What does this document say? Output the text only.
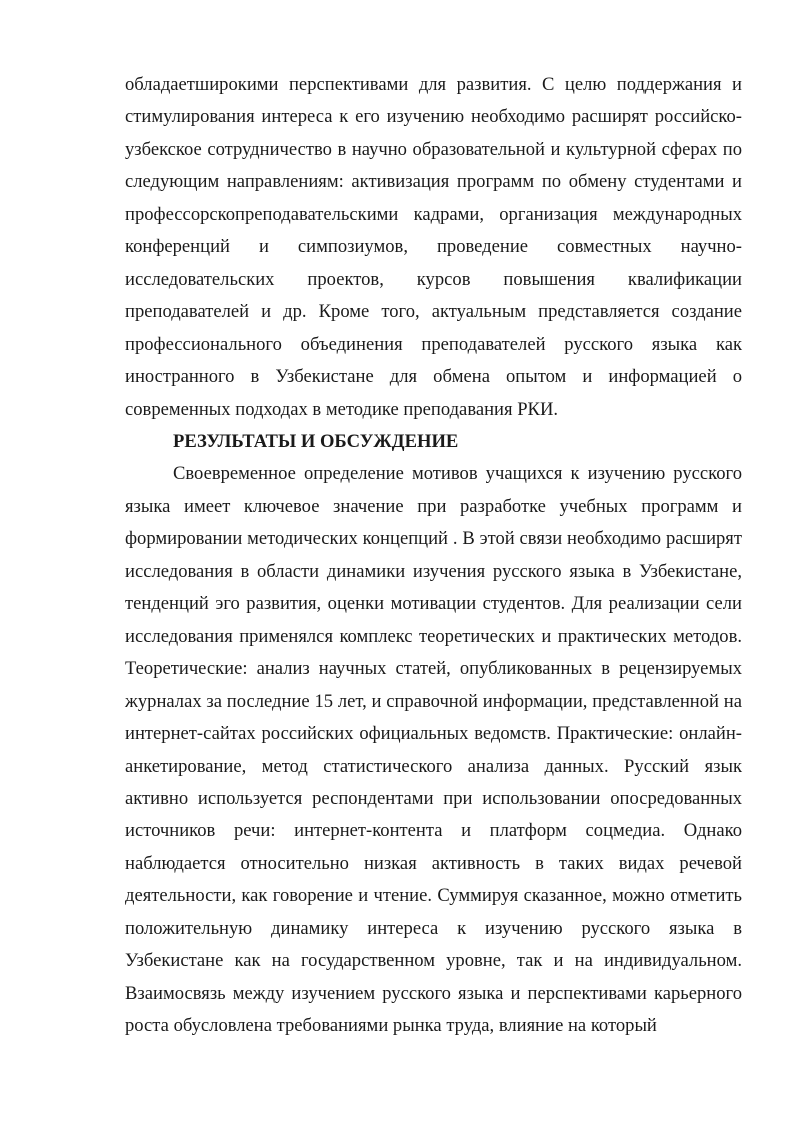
обладаетширокими перспективами для развития. С целю поддержания и стимулирования интереса к его изучению необходимо расширят российско-узбекское сотрудничество в научно образовательной и культурной сферах по следующим направлениям: активизация программ по обмену студентами и профессорскопреподавательскими кадрами, организация международных конференций и симпозиумов, проведение совместных научно-исследовательских проектов, курсов повышения квалификации преподавателей и др. Кроме того, актуальным представляется создание профессионального объединения преподавателей русского языка как иностранного в Узбекистане для обмена опытом и информацией о современных подходах в методике преподавания РКИ.

РЕЗУЛЬТАТЫ И ОБСУЖДЕНИЕ

Своевременное определение мотивов учащихся к изучению русского языка имеет ключевое значение при разработке учебных программ и формировании методических концепций . В этой связи необходимо расширят исследования в области динамики изучения русского языка в Узбекистане, тенденций эго развития, оценки мотивации студентов. Для реализации сели исследования применялся комплекс теоретических и практических методов. Теоретические: анализ научных статей, опубликованных в рецензируемых журналах за последние 15 лет, и справочной информации, представленной на интернет-сайтах российских официальных ведомств. Практические: онлайн-анкетирование, метод статистического анализа данных. Русский язык активно используется респондентами при использовании опосредованных источников речи: интернет-контента и платформ соцмедиа. Однако наблюдается относительно низкая активность в таких видах речевой деятельности, как говорение и чтение. Суммируя сказанное, можно отметить положительную динамику интереса к изучению русского языка в Узбекистане как на государственном уровне, так и на индивидуальном. Взаимосвязь между изучением русского языка и перспективами карьерного роста обусловлена требованиями рынка труда, влияние на который
